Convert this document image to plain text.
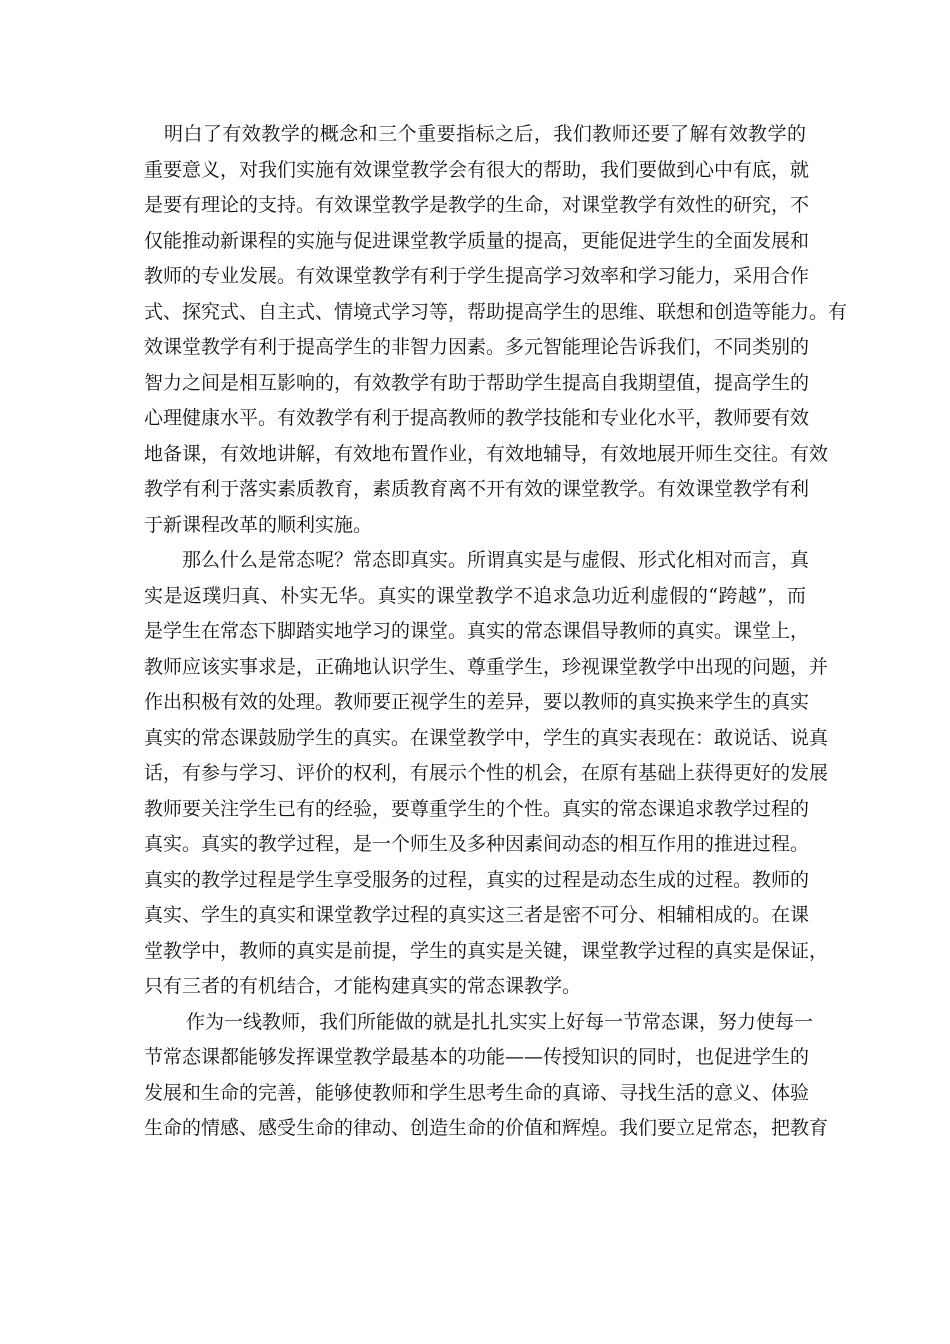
明白了有效教学的概念和三个重要指标之后，我们教师还要了解有效教学的
重要意义，对我们实施有效课堂教学会有很大的帮助，我们要做到心中有底，就
是要有理论的支持。有效课堂教学是教学的生命，对课堂教学有效性的研究，不
仅能推动新课程的实施与促进课堂教学质量的提高，更能促进学生的全面发展和
教师的专业发展。有效课堂教学有利于学生提高学习效率和学习能力，采用合作
式、探究式、自主式、情境式学习等，帮助提高学生的思维、联想和创造等能力。有
效课堂教学有利于提高学生的非智力因素。多元智能理论告诉我们，不同类别的
智力之间是相互影响的，有效教学有助于帮助学生提高自我期望值，提高学生的
心理健康水平。有效教学有利于提高教师的教学技能和专业化水平，教师要有效
地备课，有效地讲解，有效地布置作业，有效地辅导，有效地展开师生交往。有效
教学有利于落实素质教育，素质教育离不开有效的课堂教学。有效课堂教学有利
于新课程改革的顺利实施。
那么什么是常态呢？常态即真实。所谓真实是与虚假、形式化相对而言，真
实是返璞归真、朴实无华。真实的课堂教学不追求急功近利虚假的“跨越”，而
是学生在常态下脚踏实地学习的课堂。真实的常态课倡导教师的真实。课堂上，
教师应该实事求是，正确地认识学生、尊重学生，珍视课堂教学中出现的问题，并
作出积极有效的处理。教师要正视学生的差异，要以教师的真实换来学生的真实
真实的常态课鼓励学生的真实。在课堂教学中，学生的真实表现在：敢说话、说真
话，有参与学习、评价的权利，有展示个性的机会，在原有基础上获得更好的发展
教师要关注学生已有的经验，要尊重学生的个性。真实的常态课追求教学过程的
真实。真实的教学过程，是一个师生及多种因素间动态的相互作用的推进过程。
真实的教学过程是学生享受服务的过程，真实的过程是动态生成的过程。教师的
真实、学生的真实和课堂教学过程的真实这三者是密不可分、相辅相成的。在课
堂教学中，教师的真实是前提，学生的真实是关键，课堂教学过程的真实是保证，
只有三者的有机结合，才能构建真实的常态课教学。
作为一线教师，我们所能做的就是扎扎实实上好每一节常态课，努力使每一
节常态课都能够发挥课堂教学最基本的功能——传授知识的同时，也促进学生的
发展和生命的完善，能够使教师和学生思考生命的真谛、寻找生活的意义、体验
生命的情感、感受生命的律动、创造生命的价值和辉煌。我们要立足常态，把教育
